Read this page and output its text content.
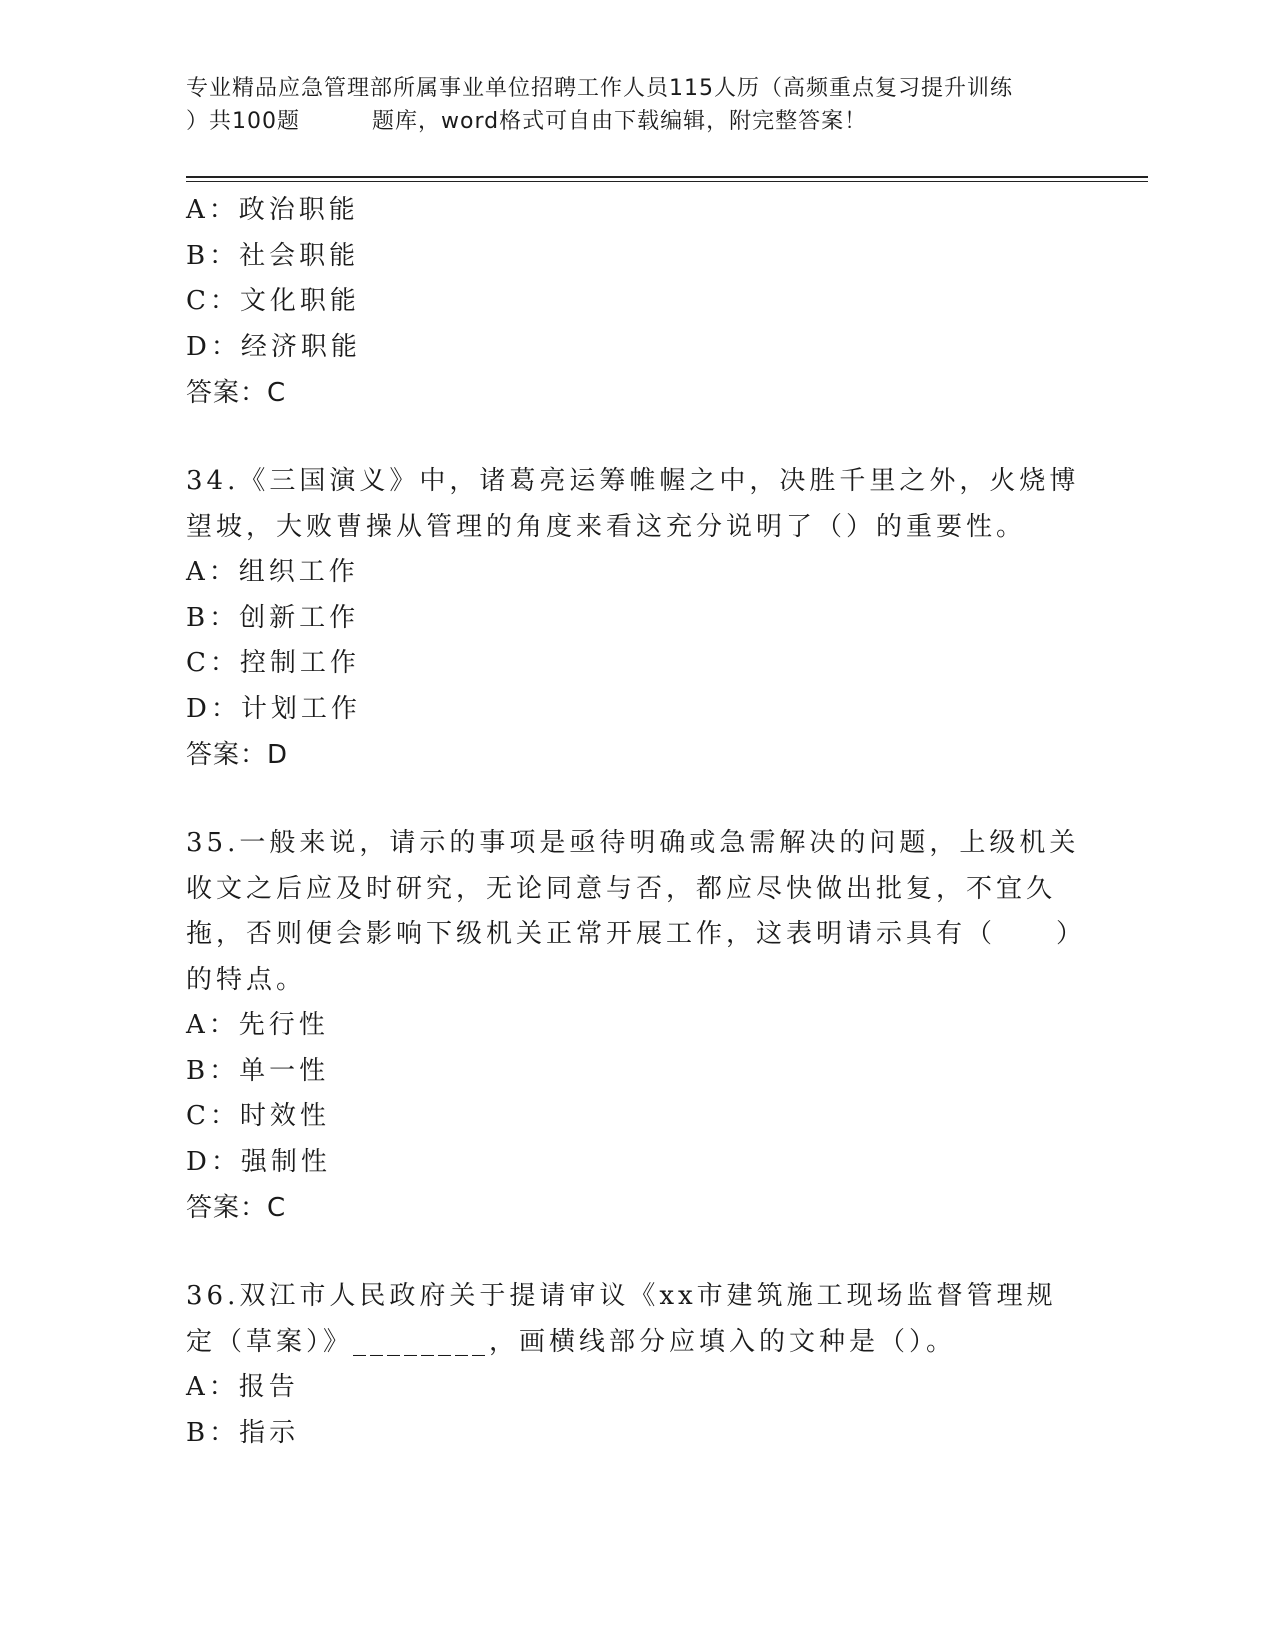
专业精品应急管理部所属事业单位招聘工作人员115人历（高频重点复习提升训练
）共100题	题库，word格式可自由下载编辑，附完整答案！
A：政治职能
B：社会职能
C：文化职能
D：经济职能
答案：C
34.《三国演义》中，诸葛亮运筹帷幄之中，决胜千里之外，火烧博望坡，大败曹操从管理的角度来看这充分说明了（）的重要性。
A：组织工作
B：创新工作
C：控制工作
D：计划工作
答案：D
35.一般来说，请示的事项是亟待明确或急需解决的问题，上级机关收文之后应及时研究，无论同意与否，都应尽快做出批复，不宜久拖，否则便会影响下级机关正常开展工作，这表明请示具有（　　）的特点。
A：先行性
B：单一性
C：时效性
D：强制性
答案：C
36.双江市人民政府关于提请审议《xx市建筑施工现场监督管理规定（草案）》________，画横线部分应填入的文种是（）。
A：报告
B：指示
